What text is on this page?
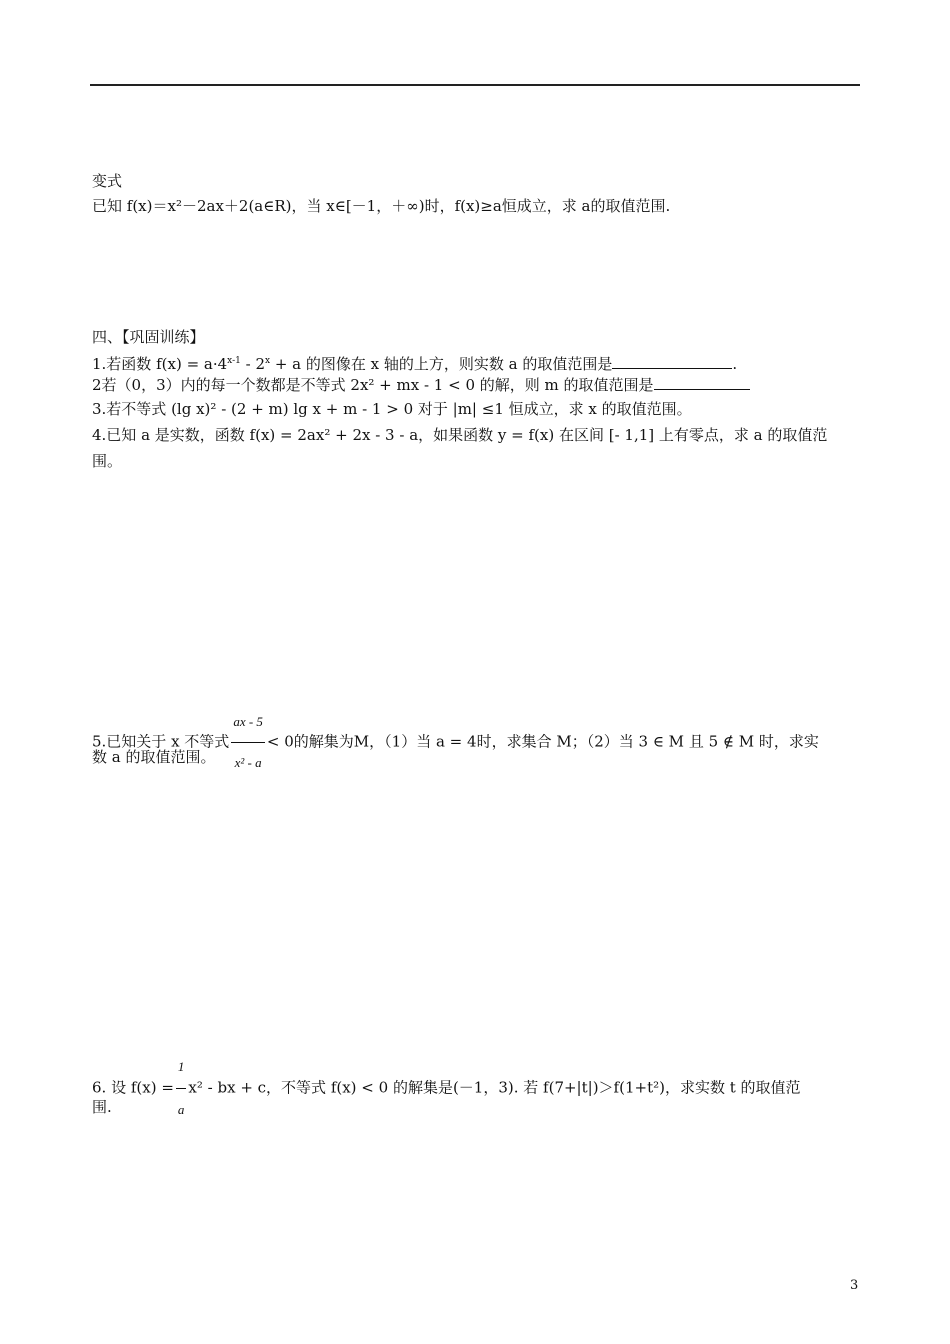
变式
已知 f(x)＝x²－2ax＋2(a∈R)，当 x∈[－1，＋∞)时，f(x)≥a恒成立，求 a的取值范围.
四、【巩固训练】
1.若函数 $f(x) = a\cdot 4^{x-1} - 2^x + a$ 的图像在 x 轴的上方，则实数 a 的取值范围是	.
2若（0，3）内的每一个数都是不等式 2x² + mx - 1 < 0 的解，则 m 的取值范围是
3.若不等式 (lg x)² - (2 + m) lg x + m - 1 > 0 对于 |m| ≤1 恒成立，求 x 的取值范围。
4.已知 a 是实数，函数 f(x) = 2ax² + 2x - 3 - a，如果函数 y = f(x) 在区间 [- 1,1] 上有零点，求 a 的取值范
围。
5.已知关于 x 不等式 $\frac{ax - 5}{\text{x² - a}} < 0$的解集为M，（1）当 a = 4时，求集合 M；（2）当 3 ∈ M 且 5 ∉ M 时，求实
数 a 的取值范围。
6. 设 $f(x) = \frac{1}{a} x^2$ - bx + c，不等式 f(x) < 0 的解集是(－1，3). 若 f(7+|t|)＞f(1+t²)，求实数 t 的取值范
围.
3
